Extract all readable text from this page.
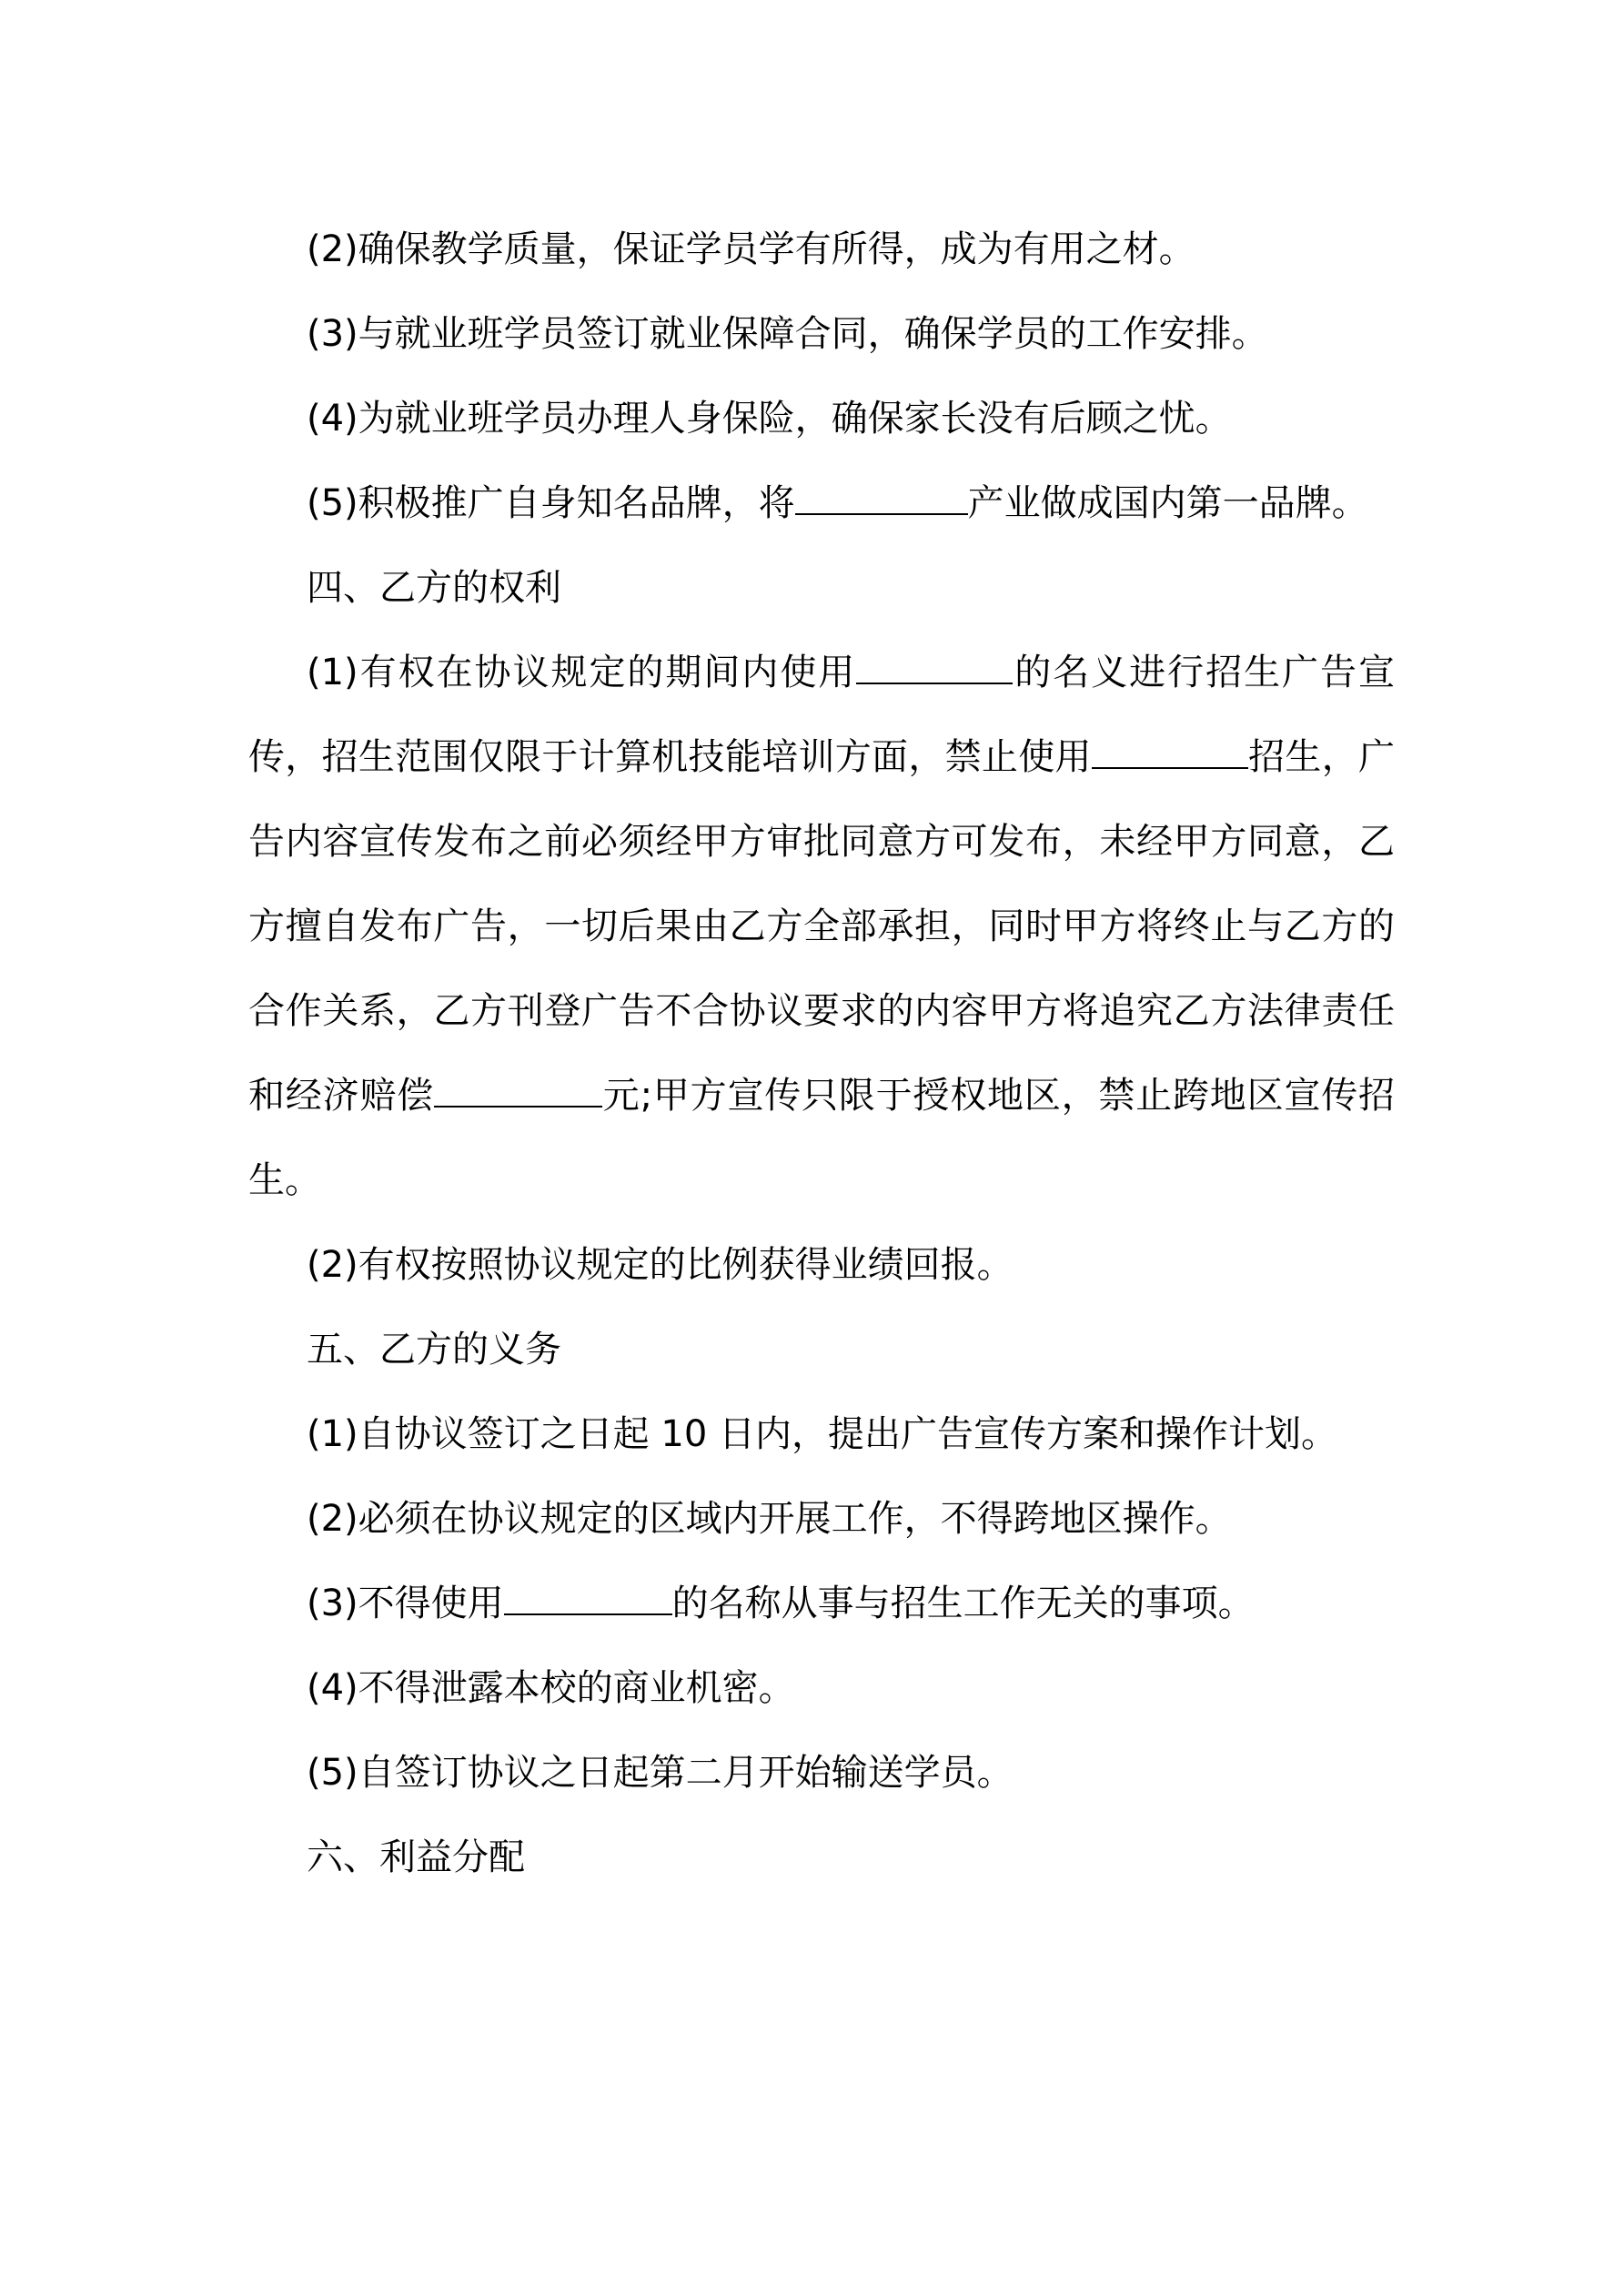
(2)确保教学质量，保证学员学有所得，成为有用之材。

(3)与就业班学员签订就业保障合同，确保学员的工作安排。

(4)为就业班学员办理人身保险，确保家长没有后顾之忧。

(5)积极推广自身知名品牌，将	产业做成国内第一品牌。

四、乙方的权利

(1)有权在协议规定的期间内使用	的名义进行招生广告宣传，招生范围仅限于计算机技能培训方面，禁止使用	招生，广告内容宣传发布之前必须经甲方审批同意方可发布，未经甲方同意，乙方擅自发布广告，一切后果由乙方全部承担，同时甲方将终止与乙方的合作关系，乙方刊登广告不合协议要求的内容甲方将追究乙方法律责任和经济赔偿	元;甲方宣传只限于授权地区，禁止跨地区宣传招生。

(2)有权按照协议规定的比例获得业绩回报。

五、乙方的义务

(1)自协议签订之日起 10 日内，提出广告宣传方案和操作计划。

(2)必须在协议规定的区域内开展工作，不得跨地区操作。

(3)不得使用	的名称从事与招生工作无关的事项。

(4)不得泄露本校的商业机密。

(5)自签订协议之日起第二月开始输送学员。

六、利益分配
